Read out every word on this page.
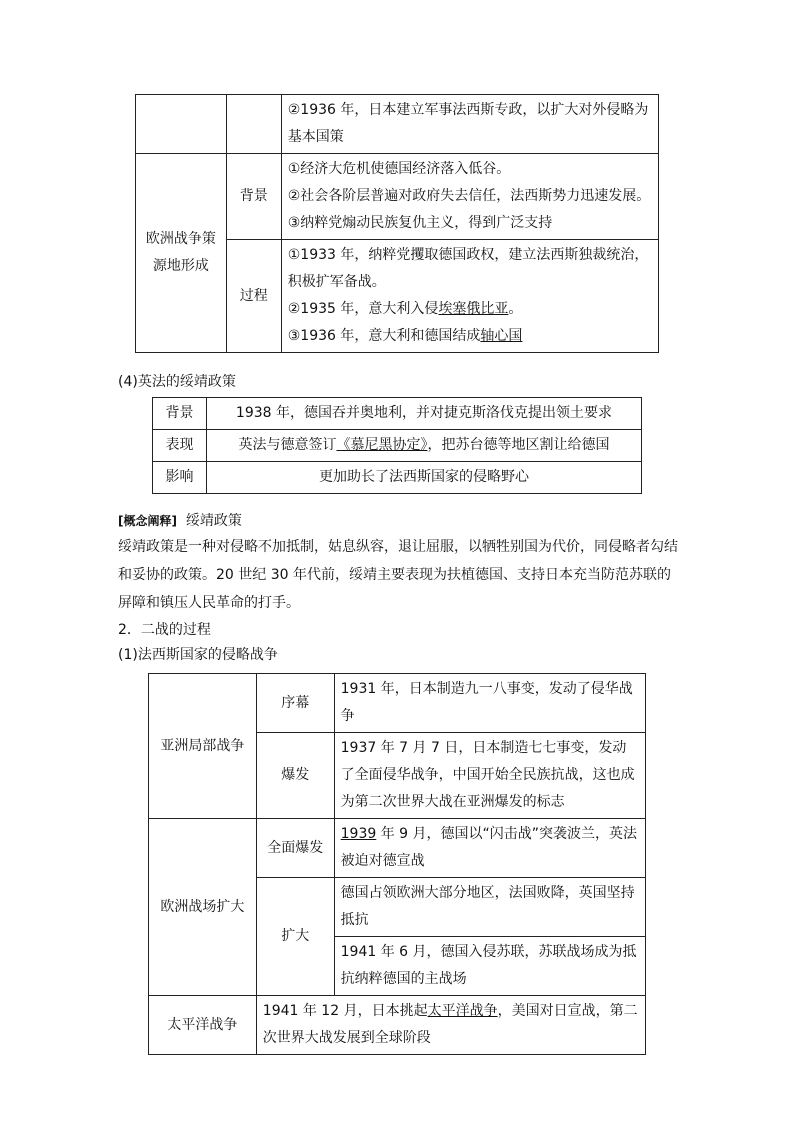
		②1936 年，日本建立军事法西斯专政，以扩大对外侵略为基本国策
欧洲战争策源地形成	背景	①经济大危机使德国经济落入低谷。
②社会各阶层普遍对政府失去信任，法西斯势力迅速发展。
③纳粹党煽动民族复仇主义，得到广泛支持

	过程	①1933 年，纳粹党攫取德国政权，建立法西斯独裁统治，积极扩军备战。
②1935 年，意大利入侵埃塞俄比亚。
③1936 年，意大利和德国结成轴心国

(4)英法的绥靖政策

背景	1938 年，德国吞并奥地利，并对捷克斯洛伐克提出领土要求
表现	英法与德意签订《慕尼黑协定》，把苏台德等地区割让给德国
影响	更加助长了法西斯国家的侵略野心

[概念阐释] 绥靖政策

绥靖政策是一种对侵略不加抵制，姑息纵容，退让屈服，以牺牲别国为代价，同侵略者勾结和妥协的政策。20 世纪 30 年代前，绥靖主要表现为扶植德国、支持日本充当防范苏联的屏障和镇压人民革命的打手。

2．二战的过程

(1)法西斯国家的侵略战争

亚洲局部战争	序幕	1931 年，日本制造九一八事变，发动了侵华战争
	爆发	1937 年 7 月 7 日，日本制造七七事变，发动了全面侵华战争，中国开始全民族抗战，这也成为第二次世界大战在亚洲爆发的标志
欧洲战场扩大	全面爆发	1939 年 9 月，德国以“闪击战”突袭波兰，英法被迫对德宣战
	扩大	德国占领欧洲大部分地区，法国败降，英国坚持抵抗
		1941 年 6 月，德国入侵苏联，苏联战场成为抵抗纳粹德国的主战场
太平洋战争	1941 年 12 月，日本挑起太平洋战争，美国对日宣战，第二次世界大战发展到全球阶段	
